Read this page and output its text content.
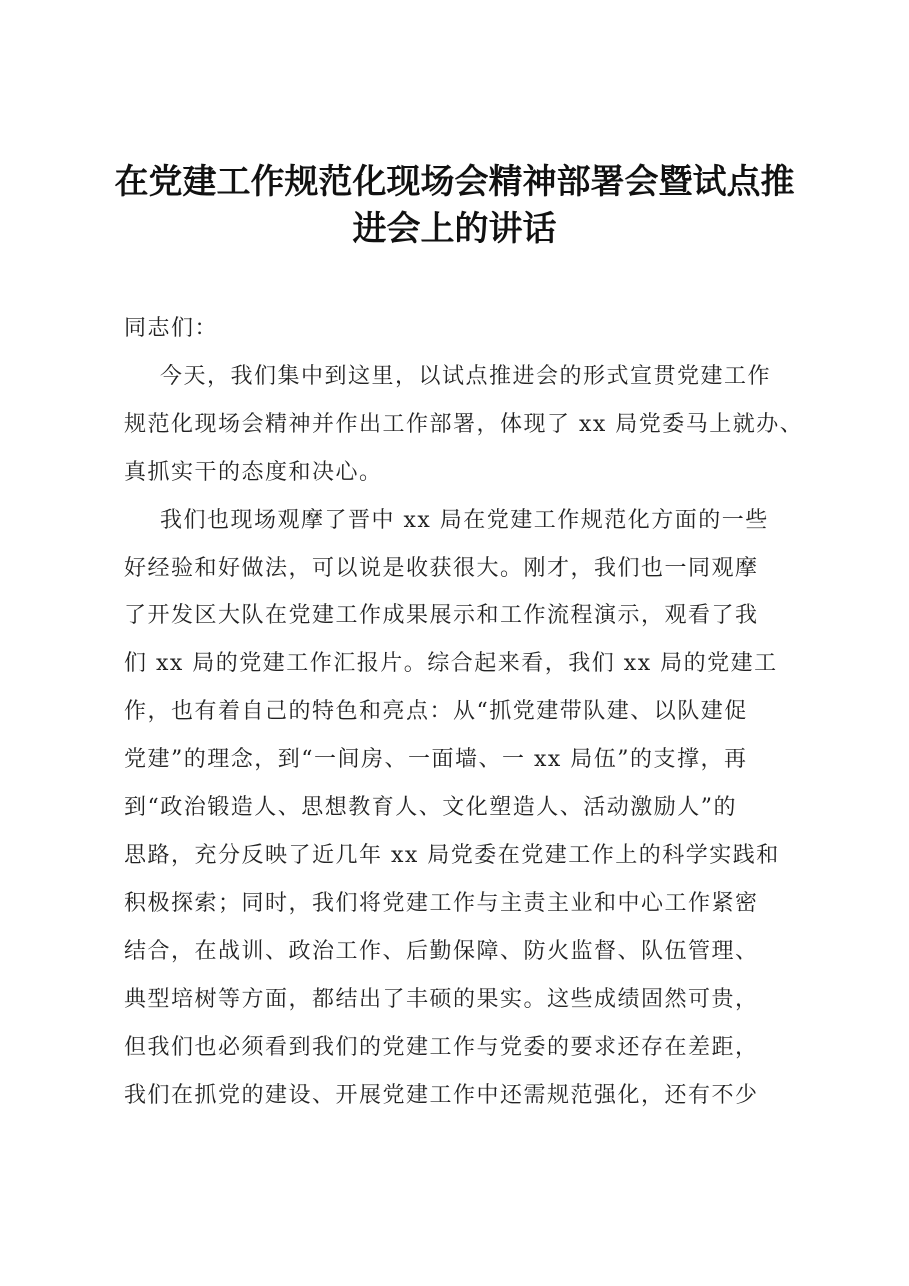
在党建工作规范化现场会精神部署会暨试点推
进会上的讲话
同志们：
今天，我们集中到这里，以试点推进会的形式宣贯党建工作
规范化现场会精神并作出工作部署，体现了 xx 局党委马上就办、
真抓实干的态度和决心。
我们也现场观摩了晋中 xx 局在党建工作规范化方面的一些
好经验和好做法，可以说是收获很大。刚才，我们也一同观摩
了开发区大队在党建工作成果展示和工作流程演示，观看了我
们 xx 局的党建工作汇报片。综合起来看，我们 xx 局的党建工
作，也有着自己的特色和亮点：从“抓党建带队建、以队建促
党建”的理念，到“一间房、一面墙、一 xx 局伍”的支撑，再
到“政治锻造人、思想教育人、文化塑造人、活动激励人”的
思路，充分反映了近几年 xx 局党委在党建工作上的科学实践和
积极探索；同时，我们将党建工作与主责主业和中心工作紧密
结合，在战训、政治工作、后勤保障、防火监督、队伍管理、
典型培树等方面，都结出了丰硕的果实。这些成绩固然可贵，
但我们也必须看到我们的党建工作与党委的要求还存在差距，
我们在抓党的建设、开展党建工作中还需规范强化，还有不少
